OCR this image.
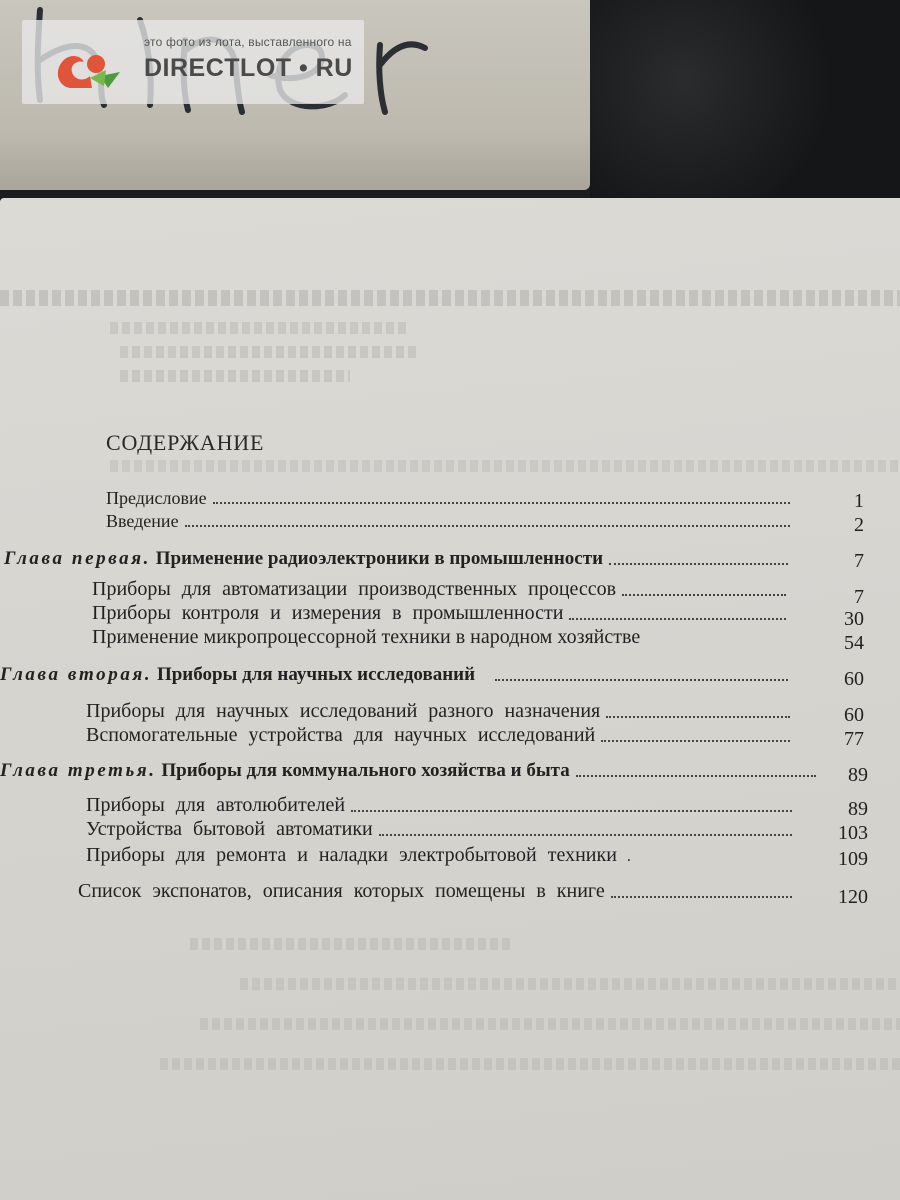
это фото из лота, выставленного на
DIRECTLOT • RU
СОДЕРЖАНИЕ
Предисловие	1
Введение	2
Глава первая. Применение радиоэлектроники в промышленности	7
Приборы для автоматизации производственных процессов	7
Приборы контроля и измерения в промышленности	30
Применение микропроцессорной техники в народном хозяйстве	54
Глава вторая. Приборы для научных исследований	60
Приборы для научных исследований разного назначения	60
Вспомогательные устройства для научных исследований	77
Глава третья. Приборы для коммунального хозяйства и быта	89
Приборы для автолюбителей	89
Устройства бытовой автоматики	103
Приборы для ремонта и наладки электробытовой техники .	109
Список экспонатов, описания которых помещены в книге	120
